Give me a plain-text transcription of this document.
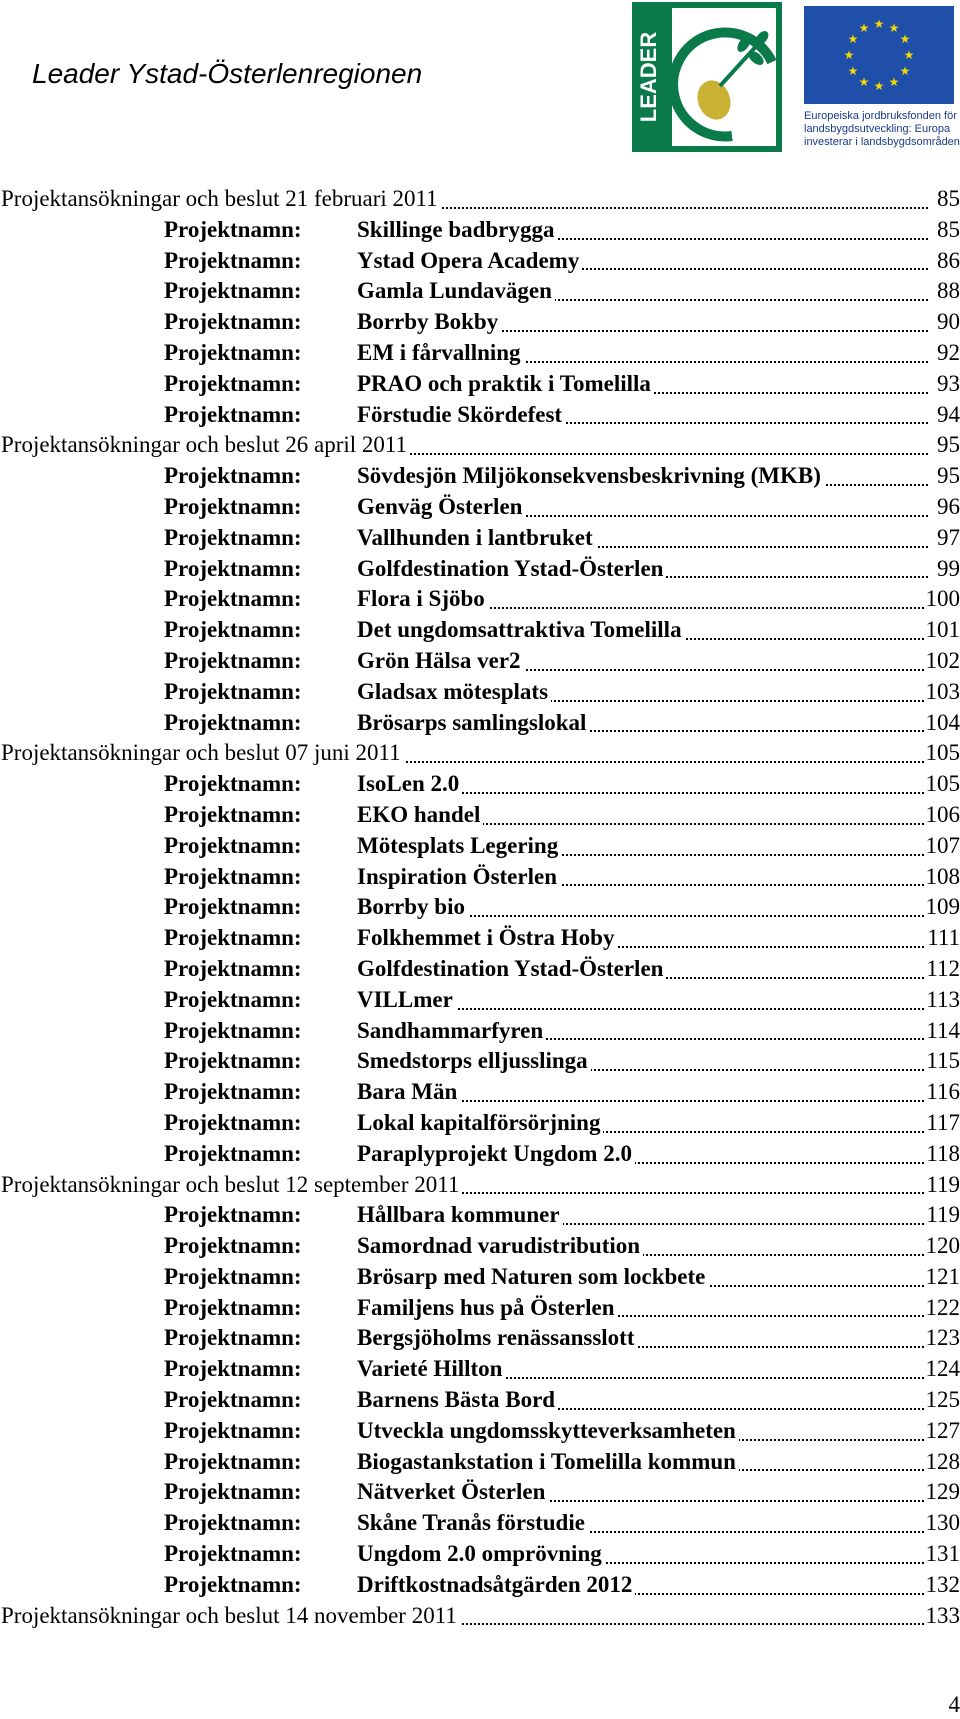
Leader Ystad-Österlenregionen	LEADER
★ ★
★
★
★
★
★
★
★
★
★
★
Europeiska jordbruksfonden för
landsbygdsutveckling: Europa
investerar i landsbygdsområden
Projektansökningar och beslut 21 februari 2011	85
Projektnamn: Skillinge badbrygga	85
Projektnamn: Ystad Opera Academy	86
Projektnamn: Gamla Lundavägen	88
Projektnamn: Borrby Bokby	90
Projektnamn: EM i fårvallning	92
Projektnamn: PRAO och praktik i Tomelilla	93
Projektnamn: Förstudie Skördefest	94
Projektansökningar och beslut 26 april 2011	95
Projektnamn: Sövdesjön Miljökonsekvensbeskrivning (MKB)	95
Projektnamn: Genväg Österlen	96
Projektnamn: Vallhunden i lantbruket	97
Projektnamn: Golfdestination Ystad-Österlen	99
Projektnamn: Flora i Sjöbo	100
Projektnamn: Det ungdomsattraktiva Tomelilla	101
Projektnamn: Grön Hälsa ver2	102
Projektnamn: Gladsax mötesplats	103
Projektnamn: Brösarps samlingslokal	104
Projektansökningar och beslut 07 juni 2011	105
Projektnamn: IsoLen 2.0	105
Projektnamn: EKO handel	106
Projektnamn: Mötesplats Legering	107
Projektnamn: Inspiration Österlen	108
Projektnamn: Borrby bio	109
Projektnamn: Folkhemmet i Östra Hoby	111
Projektnamn: Golfdestination Ystad-Österlen	112
Projektnamn: VILLmer	113
Projektnamn: Sandhammarfyren	114
Projektnamn: Smedstorps elljusslinga	115
Projektnamn: Bara Män	116
Projektnamn: Lokal kapitalförsörjning	117
Projektnamn: Paraplyprojekt Ungdom 2.0	118
Projektansökningar och beslut 12 september 2011	119
Projektnamn: Hållbara kommuner	119
Projektnamn: Samordnad varudistribution	120
Projektnamn: Brösarp med Naturen som lockbete	121
Projektnamn: Familjens hus på Österlen	122
Projektnamn: Bergsjöholms renässansslott	123
Projektnamn: Varieté Hillton	124
Projektnamn: Barnens Bästa Bord	125
Projektnamn: Utveckla ungdomsskytteverksamheten	127
Projektnamn: Biogastankstation i Tomelilla kommun	128
Projektnamn: Nätverket Österlen	129
Projektnamn: Skåne Tranås förstudie	130
Projektnamn: Ungdom 2.0 omprövning	131
Projektnamn: Driftkostnadsåtgärden 2012	132
Projektansökningar och beslut 14 november 2011	133
4
